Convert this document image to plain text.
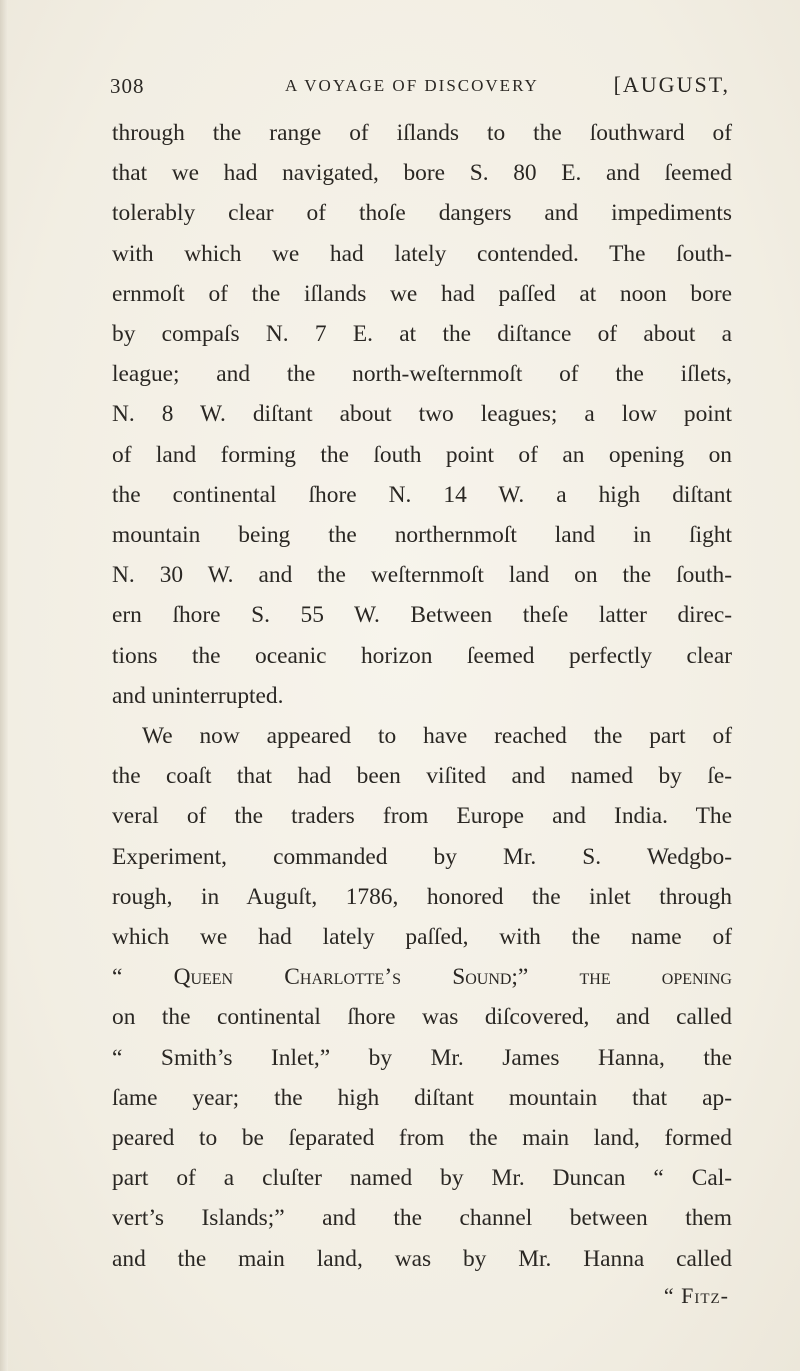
308	A VOYAGE OF DISCOVERY	[AUGUST,
through the range of iſlands to the ſouthward of
that we had navigated, bore S. 80 E. and ſeemed
tolerably clear of thoſe dangers and impediments
with which we had lately contended. The ſouth-
ernmoſt of the iſlands we had paſſed at noon bore
by compaſs N. 7 E. at the diſtance of about a
league; and the north-weſternmoſt of the iſlets,
N. 8 W. diſtant about two leagues; a low point
of land forming the ſouth point of an opening on
the continental ſhore N. 14 W. a high diſtant
mountain being the northernmoſt land in ſight
N. 30 W. and the weſternmoſt land on the ſouth-
ern ſhore S. 55 W. Between theſe latter direc-
tions the oceanic horizon ſeemed perfectly clear
and uninterrupted.
We now appeared to have reached the part of
the coaſt that had been viſited and named by ſe-
veral of the traders from Europe and India. The
Experiment, commanded by Mr. S. Wedgbo-
rough, in Auguſt, 1786, honored the inlet through
which we had lately paſſed, with the name of
“ Queen Charlotte’s Sound;” the opening
on the continental ſhore was diſcovered, and called
“ Smith’s Inlet,” by Mr. James Hanna, the
ſame year; the high diſtant mountain that ap-
peared to be ſeparated from the main land, formed
part of a cluſter named by Mr. Duncan “ Cal-
vert’s Islands;” and the channel between them
and the main land, was by Mr. Hanna called
“ Fitz-
